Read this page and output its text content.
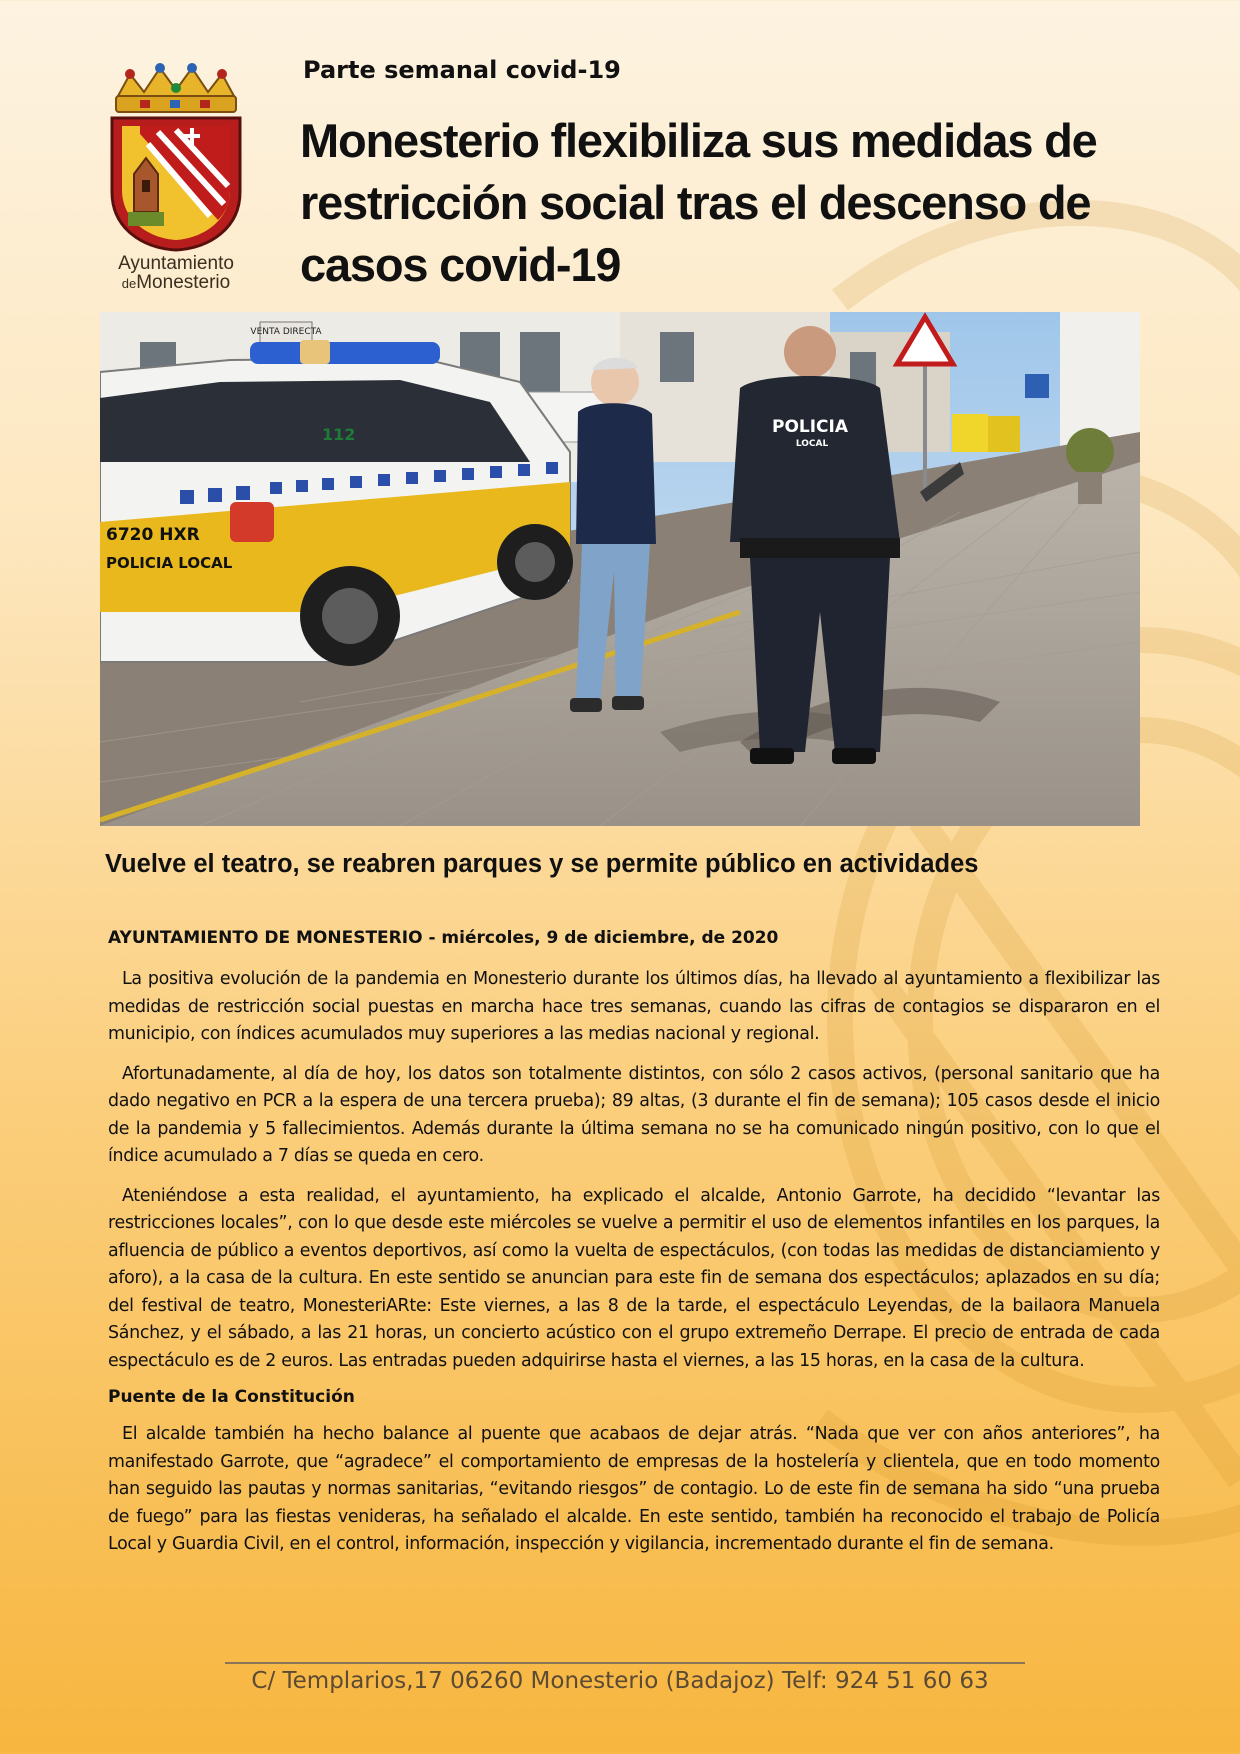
Ayuntamiento
deMonesterio
Parte semanal covid-19
Monesterio flexibiliza sus medidas de restricción social tras el descenso de casos covid-19
VENTA DIRECTA
112
6720 HXR
POLICIA LOCAL
POLICIA
LOCAL
Vuelve el teatro, se reabren parques y se permite público en actividades

AYUNTAMIENTO DE MONESTERIO - miércoles, 9 de diciembre, de 2020

La positiva evolución de la pandemia en Monesterio durante los últimos días, ha llevado al ayuntamiento a flexibilizar las medidas de restricción social puestas en marcha hace tres semanas, cuando las cifras de contagios se dispararon en el municipio, con índices acumulados muy superiores a las medias nacional y regional.

Afortunadamente, al día de hoy, los datos son totalmente distintos, con sólo 2 casos activos, (personal sanitario que ha dado negativo en PCR a la espera de una tercera prueba); 89 altas, (3 durante el fin de semana); 105 casos desde el inicio de la pandemia y 5 fallecimientos. Además durante la última semana no se ha comunicado ningún positivo, con lo que el índice acumulado a 7 días se queda en cero.

Ateniéndose a esta realidad, el ayuntamiento, ha explicado el alcalde, Antonio Garrote, ha decidido “levantar las restricciones locales”, con lo que desde este miércoles se vuelve a permitir el uso de elementos infantiles en los parques, la afluencia de público a eventos deportivos, así como la vuelta de espectáculos, (con todas las medidas de distanciamiento y aforo), a la casa de la cultura. En este sentido se anuncian para este fin de semana dos espectáculos; aplazados en su día; del festival de teatro, MonesteriARte: Este viernes, a las 8 de la tarde, el espectáculo Leyendas, de la bailaora Manuela Sánchez, y el sábado, a las 21 horas, un concierto acústico con el grupo extremeño Derrape. El precio de entrada de cada espectáculo es de 2 euros. Las entradas pueden adquirirse hasta el viernes, a las 15 horas, en la casa de la cultura.

Puente de la Constitución

El alcalde también ha hecho balance al puente que acabaos de dejar atrás. “Nada que ver con años anteriores”, ha manifestado Garrote, que “agradece” el comportamiento de empresas de la hostelería y clientela, que en todo momento han seguido las pautas y normas sanitarias, “evitando riesgos” de contagio. Lo de este fin de semana ha sido “una prueba de fuego” para las fiestas venideras, ha señalado el alcalde. En este sentido, también ha reconocido el trabajo de Policía Local y Guardia Civil, en el control, información, inspección y vigilancia, incrementado durante el fin de semana.

C/ Templarios,17 06260 Monesterio (Badajoz) Telf: 924 51 60 63
